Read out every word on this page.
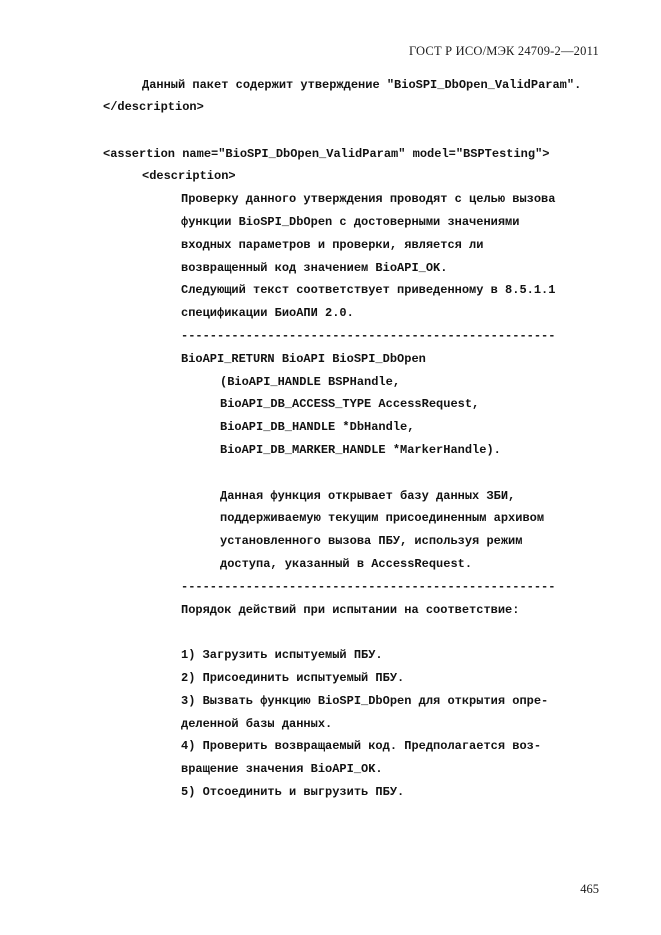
ГОСТ Р ИСО/МЭК 24709-2—2011
Данный пакет содержит утверждение "BioSPI_DbOpen_ValidParam".
</description>
<assertion name="BioSPI_DbOpen_ValidParam" model="BSPTesting">
<description>
Проверку данного утверждения проводят с целью вызова
функции BioSPI_DbOpen с достоверными значениями
входных параметров и проверки, является ли
возвращенный код значением BioAPI_OK.
Следующий текст соответствует приведенному в 8.5.1.1
спецификации БиоАПИ 2.0.
----------------------------------------------------
BioAPI_RETURN BioAPI BioSPI_DbOpen
(BioAPI_HANDLE BSPHandle,
BioAPI_DB_ACCESS_TYPE AccessRequest,
BioAPI_DB_HANDLE *DbHandle,
BioAPI_DB_MARKER_HANDLE *MarkerHandle).
Данная функция открывает базу данных ЗБИ,
поддерживаемую текущим присоединенным архивом
установленного вызова ПБУ, используя режим
доступа, указанный в AccessRequest.
----------------------------------------------------
Порядок действий при испытании на соответствие:
1) Загрузить испытуемый ПБУ.
2) Присоединить испытуемый ПБУ.
3) Вызвать функцию BioSPI_DbOpen для открытия опре-
деленной базы данных.
4) Проверить возвращаемый код. Предполагается воз-
вращение значения BioAPI_OK.
5) Отсоединить и выгрузить ПБУ.
465
